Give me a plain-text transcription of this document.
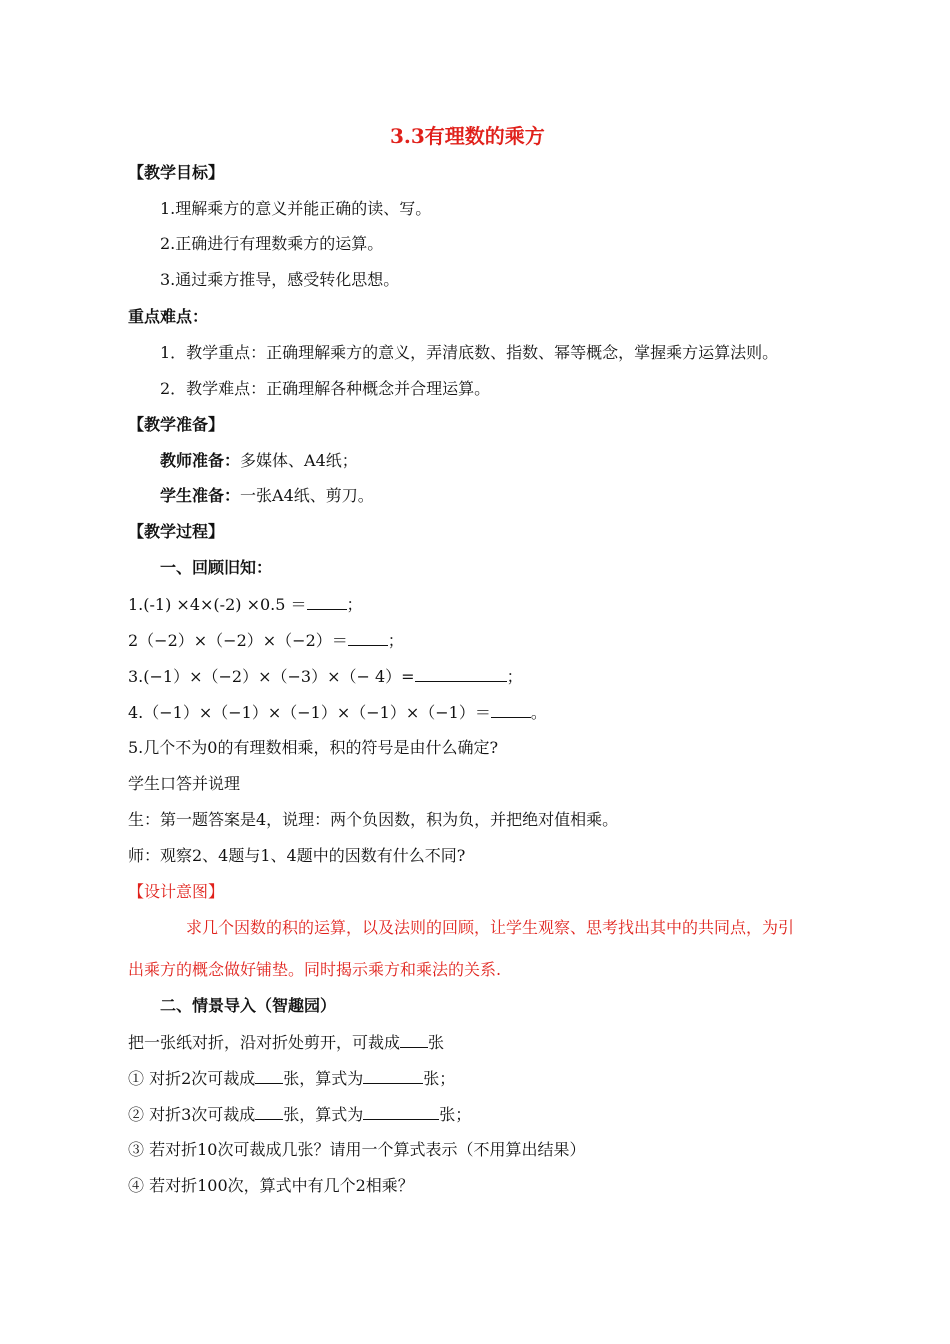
3.3有理数的乘方
【教学目标】
1.理解乘方的意义并能正确的读、写。
2.正确进行有理数乘方的运算。
3.通过乘方推导，感受转化思想。
重点难点：
1．教学重点：正确理解乘方的意义，弄清底数、指数、幂等概念，掌握乘方运算法则。
2．教学难点：正确理解各种概念并合理运算。
【教学准备】
教师准备：多媒体、A4纸；
学生准备：一张A4纸、剪刀。
【教学过程】
一、回顾旧知：
1.(-1) ×4×(-2) ×0.5 ＝	；
2（−2）×（−2）×（−2）＝	；
3.(−1）×（−2）×（−3）×（− 4）=	；
4.（−1）×（−1）×（−1）×（−1）×（−1）＝	。
5.几个不为0的有理数相乘，积的符号是由什么确定?
学生口答并说理
生：第一题答案是4，说理：两个负因数，积为负，并把绝对值相乘。
师：观察2、4题与1、4题中的因数有什么不同?
【设计意图】
求几个因数的积的运算，以及法则的回顾，让学生观察、思考找出其中的共同点，为引
出乘方的概念做好铺垫。同时揭示乘方和乘法的关系.
二、情景导入（智趣园）
把一张纸对折，沿对折处剪开，可裁成 张
① 对折2次可裁成 张，算式为	张；
② 对折3次可裁成 张，算式为	张；
③ 若对折10次可裁成几张？请用一个算式表示（不用算出结果）
④ 若对折100次，算式中有几个2相乘？
